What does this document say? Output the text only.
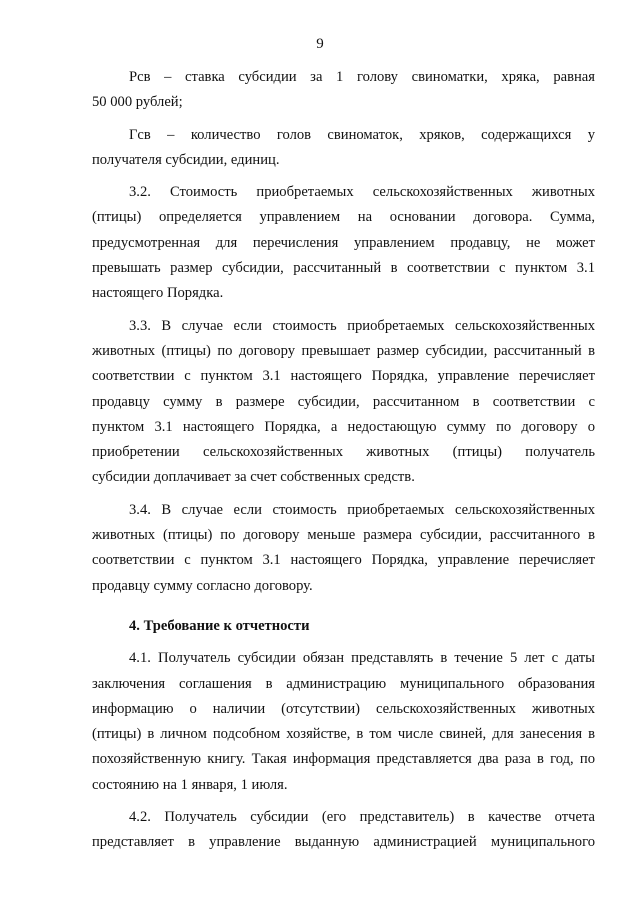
9

Рсв – ставка субсидии за 1 голову свиноматки, хряка, равная

50 000 рублей;

Гсв – количество голов свиноматок, хряков, содержащихся у

получателя субсидии, единиц.

3.2. Стоимость приобретаемых сельскохозяйственных животных

(птицы) определяется управлением на основании договора. Сумма,

предусмотренная для перечисления управлением продавцу, не может

превышать размер субсидии, рассчитанный в соответствии с пунктом 3.1

настоящего Порядка.

3.3. В случае если стоимость приобретаемых сельскохозяйственных

животных (птицы) по договору превышает размер субсидии, рассчитанный в

соответствии с пунктом 3.1 настоящего Порядка, управление перечисляет

продавцу сумму в размере субсидии, рассчитанном в соответствии с

пунктом 3.1 настоящего Порядка, а недостающую сумму по договору о

приобретении сельскохозяйственных животных (птицы) получатель

субсидии доплачивает за счет собственных средств.

3.4. В случае если стоимость приобретаемых сельскохозяйственных

животных (птицы) по договору меньше размера субсидии, рассчитанного в

соответствии с пунктом 3.1 настоящего Порядка, управление перечисляет

продавцу сумму согласно договору.

4. Требование к отчетности

4.1. Получатель субсидии обязан представлять в течение 5 лет с даты

заключения соглашения в администрацию муниципального образования

информацию о наличии (отсутствии) сельскохозяйственных животных

(птицы) в личном подсобном хозяйстве, в том числе свиней, для занесения в

похозяйственную книгу. Такая информация представляется два раза в год, по

состоянию на 1 января, 1 июля.

4.2. Получатель субсидии (его представитель) в качестве отчета

представляет в управление выданную администрацией муниципального
